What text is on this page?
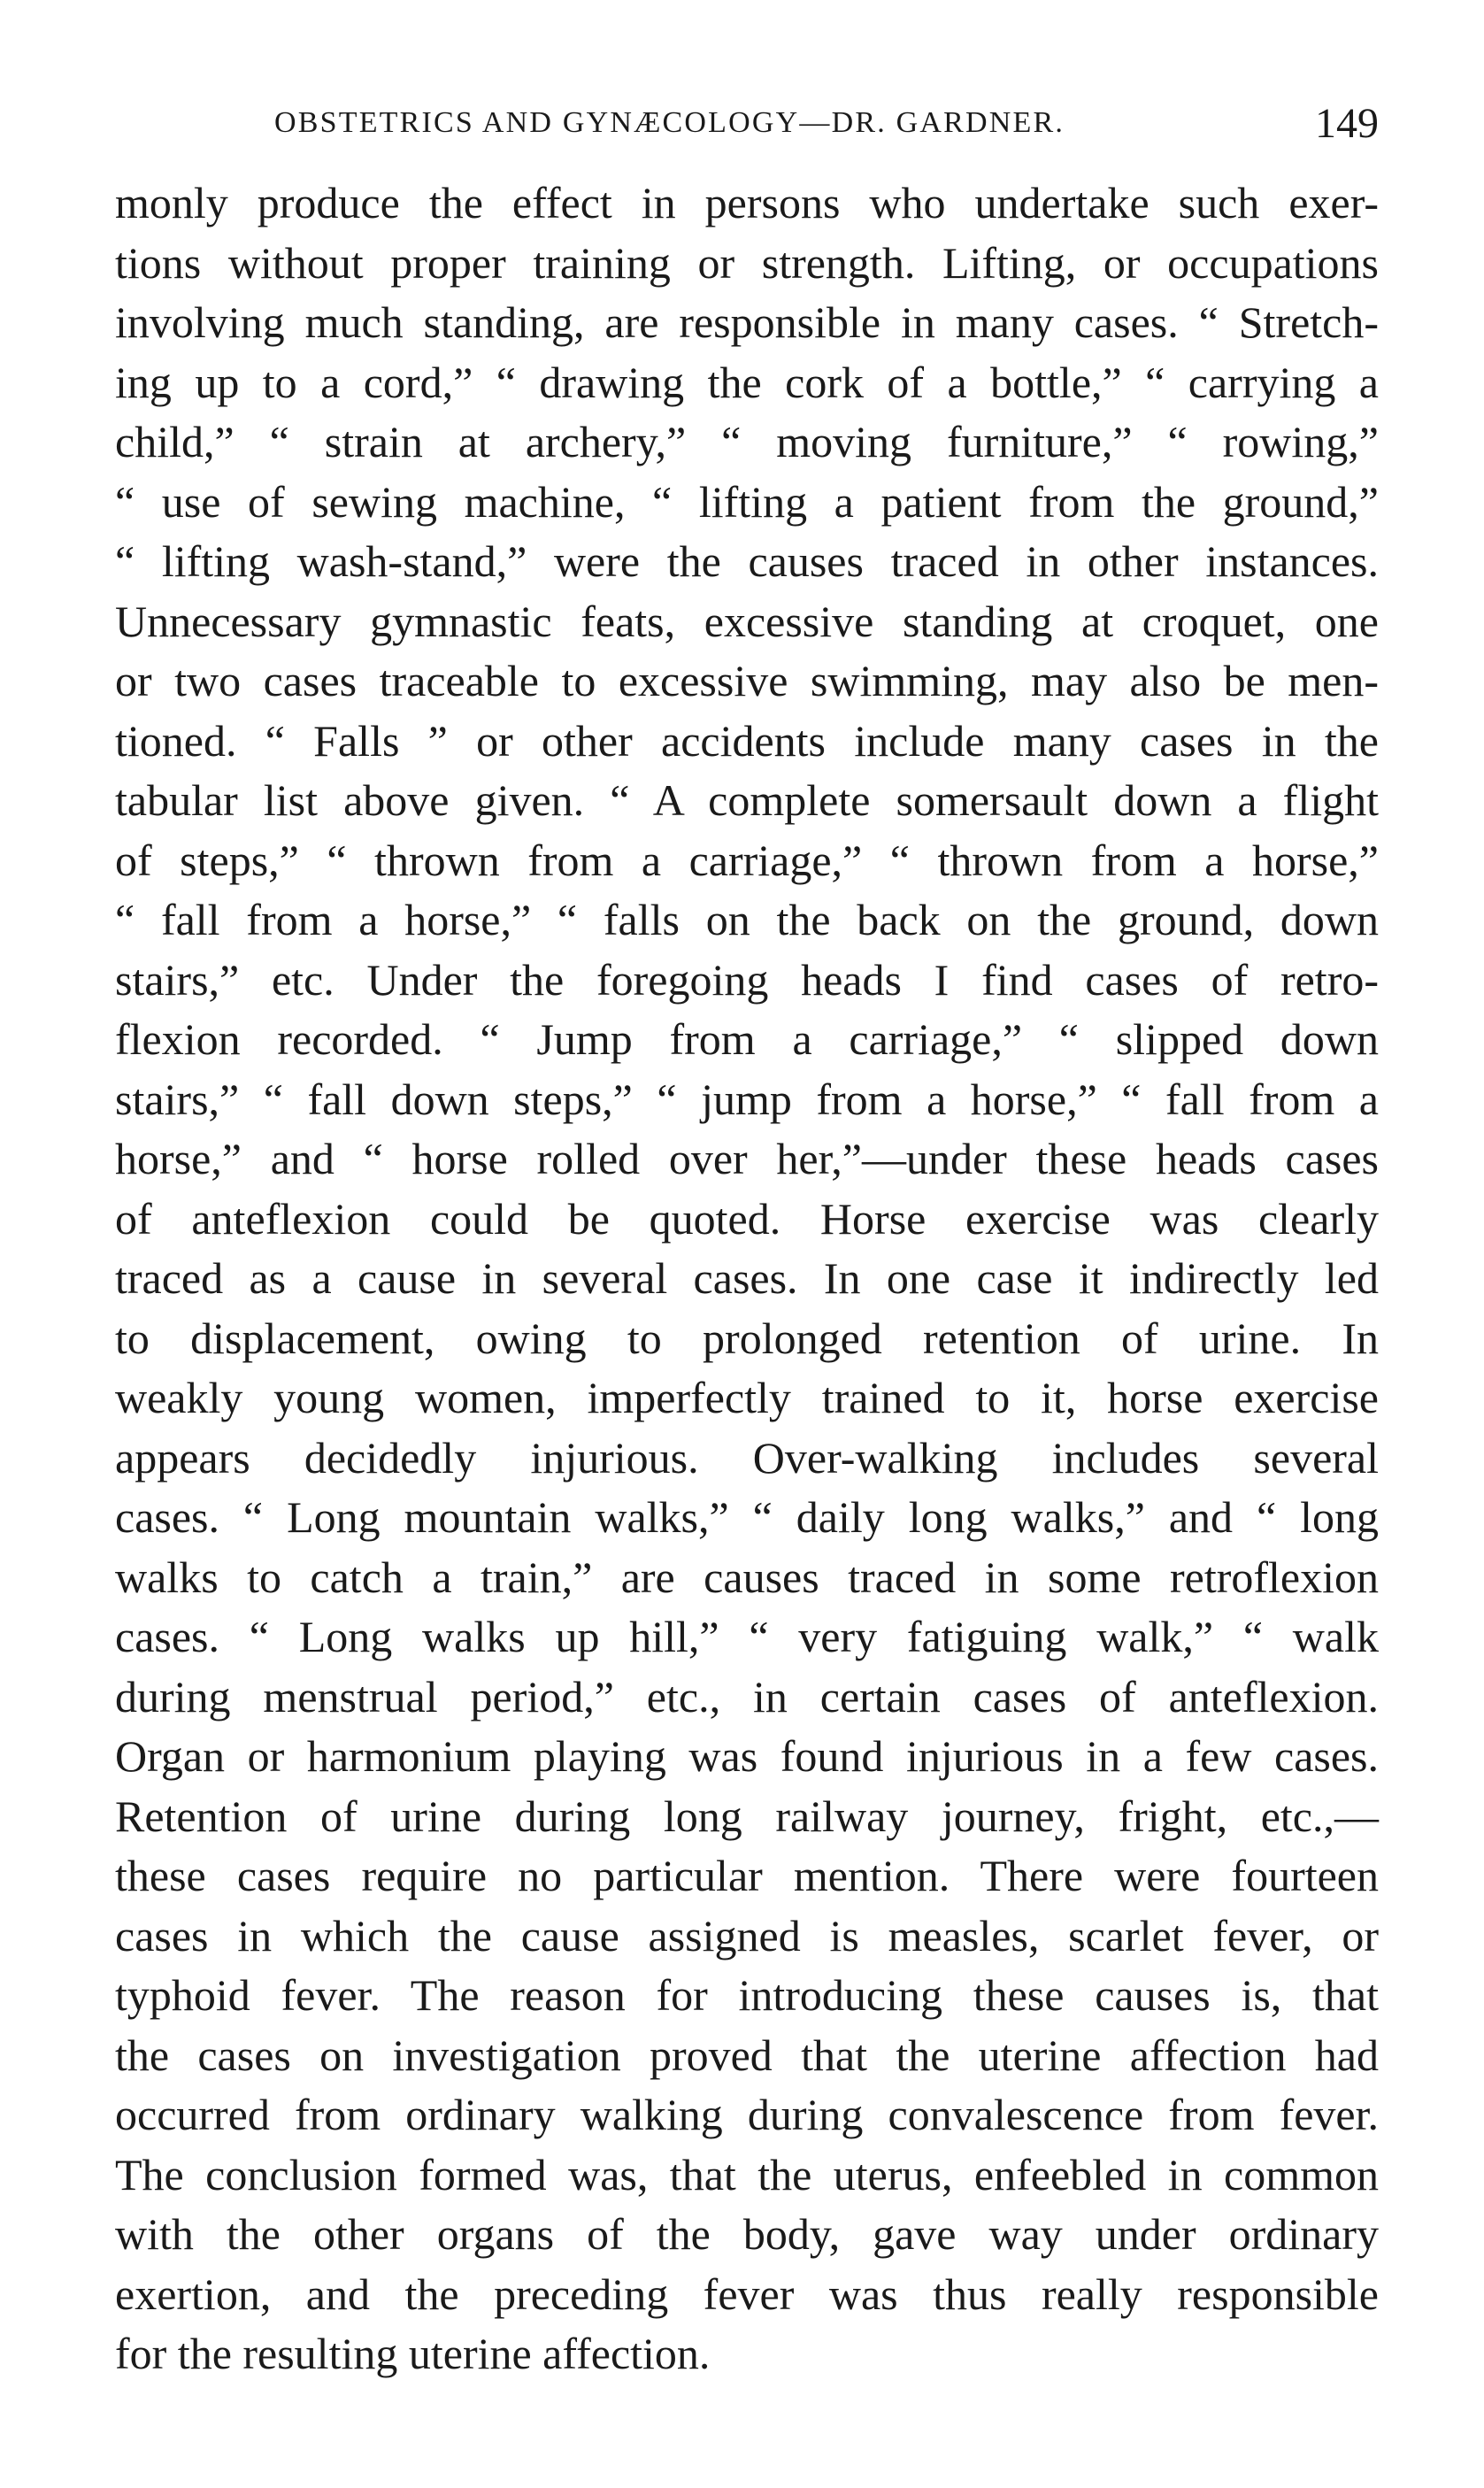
OBSTETRICS AND GYNÆCOLOGY—DR. GARDNER.	149
monly produce the effect in persons who undertake such exer-
tions without proper training or strength. Lifting, or occupations
involving much standing, are responsible in many cases. “ Stretch-
ing up to a cord,” “ drawing the cork of a bottle,” “ carrying a
child,” “ strain at archery,” “ moving furniture,” “ rowing,”
“ use of sewing machine, “ lifting a patient from the ground,”
“ lifting wash-stand,” were the causes traced in other instances.
Unnecessary gymnastic feats, excessive standing at croquet, one
or two cases traceable to excessive swimming, may also be men-
tioned. “ Falls ” or other accidents include many cases in the
tabular list above given. “ A complete somersault down a flight
of steps,” “ thrown from a carriage,” “ thrown from a horse,”
“ fall from a horse,” “ falls on the back on the ground, down
stairs,” etc. Under the foregoing heads I find cases of retro-
flexion recorded. “ Jump from a carriage,” “ slipped down
stairs,” “ fall down steps,” “ jump from a horse,” “ fall from a
horse,” and “ horse rolled over her,”—under these heads cases
of anteflexion could be quoted. Horse exercise was clearly
traced as a cause in several cases. In one case it indirectly led
to displacement, owing to prolonged retention of urine. In
weakly young women, imperfectly trained to it, horse exercise
appears decidedly injurious. Over-walking includes several
cases. “ Long mountain walks,” “ daily long walks,” and “ long
walks to catch a train,” are causes traced in some retroflexion
cases. “ Long walks up hill,” “ very fatiguing walk,” “ walk
during menstrual period,” etc., in certain cases of anteflexion.
Organ or harmonium playing was found injurious in a few cases.
Retention of urine during long railway journey, fright, etc.,—
these cases require no particular mention. There were fourteen
cases in which the cause assigned is measles, scarlet fever, or
typhoid fever. The reason for introducing these causes is, that
the cases on investigation proved that the uterine affection had
occurred from ordinary walking during convalescence from fever.
The conclusion formed was, that the uterus, enfeebled in common
with the other organs of the body, gave way under ordinary
exertion, and the preceding fever was thus really responsible
for the resulting uterine affection.
